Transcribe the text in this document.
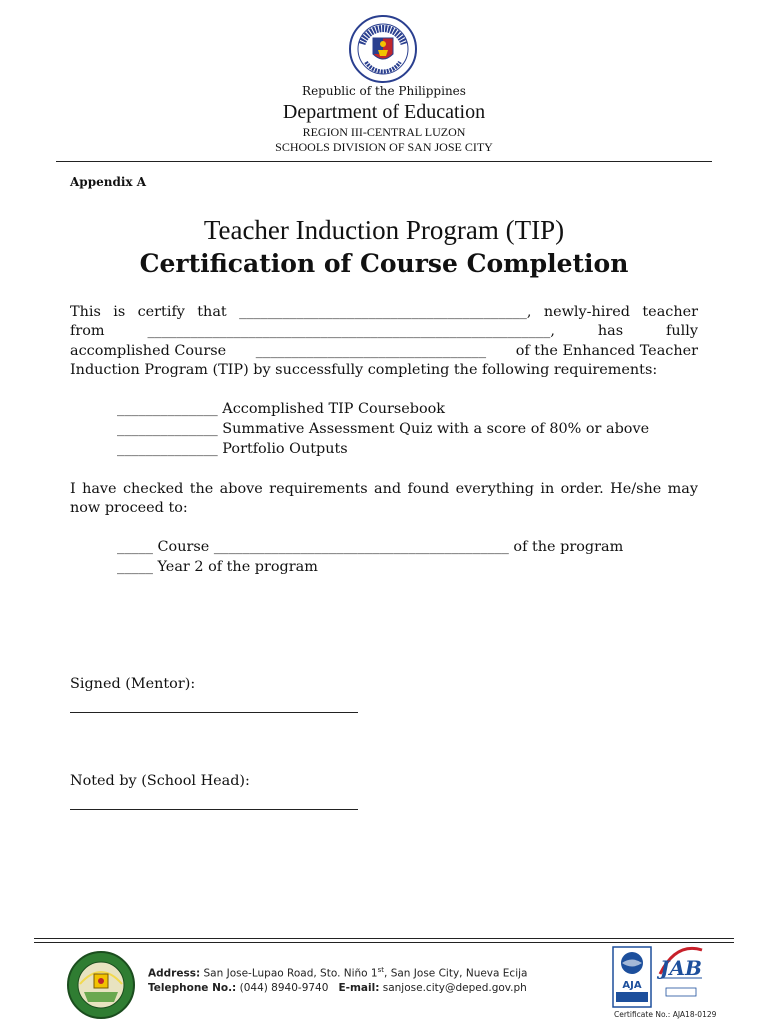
Republic of the Philippines
Department of Education
REGION III-CENTRAL LUZON
SCHOOLS DIVISION OF SAN JOSE CITY
Appendix A
Teacher Induction Program (TIP)
Certification of Course Completion
This is certify that ________________________________________, newly-hired teacher
from	________________________________________________________,	has	fully
accomplished Course ________________________________ of the Enhanced Teacher
Induction Program (TIP) by successfully completing the following requirements:
______________ Accomplished TIP Coursebook
______________ Summative Assessment Quiz with a score of 80% or above
______________ Portfolio Outputs
I have checked the above requirements and found everything in order. He/she may
now proceed to:
_____ Course _________________________________________ of the program
_____ Year 2 of the program
Signed (Mentor):
Noted by (School Head):
Address: San Jose-Lupao Road, Sto. Niño 1st, San Jose City, Nueva Ecija
Telephone No.: (044) 8940-9740 E-mail: sanjose.city@deped.gov.ph	AJA
JAB
Certificate No.: AJA18-0129
